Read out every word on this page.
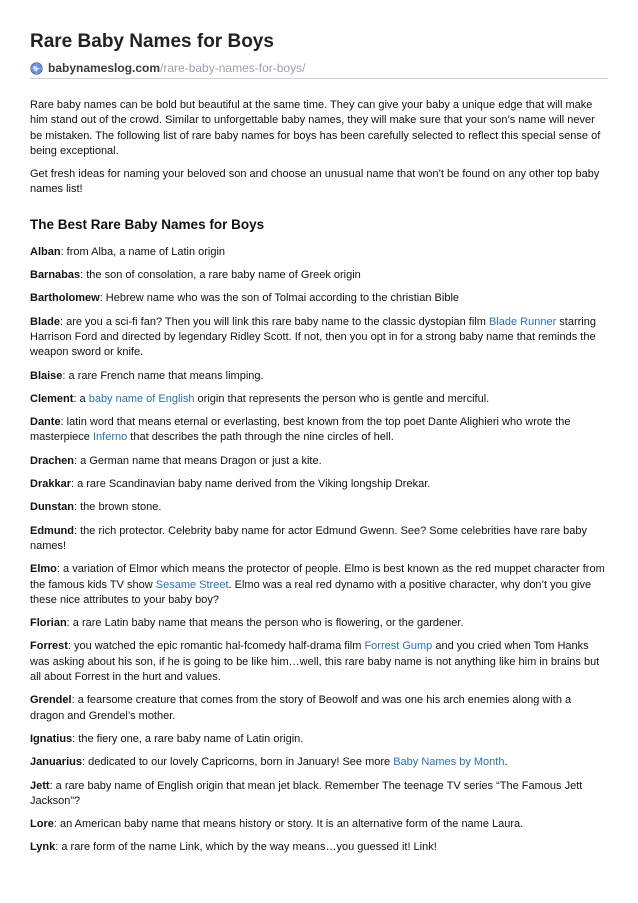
Rare Baby Names for Boys
babynameslog.com /rare-baby-names-for-boys/

Rare baby names can be bold but beautiful at the same time. They can give your baby a unique edge that will make him stand out of the crowd. Similar to unforgettable baby names, they will make sure that your son’s name will never be mistaken. The following list of rare baby names for boys has been carefully selected to reflect this special sense of being exceptional.

Get fresh ideas for naming your beloved son and choose an unusual name that won’t be found on any other top baby names list!

The Best Rare Baby Names for Boys

Alban: from Alba, a name of Latin origin

Barnabas: the son of consolation, a rare baby name of Greek origin

Bartholomew: Hebrew name who was the son of Tolmai according to the christian Bible

Blade: are you a sci-fi fan? Then you will link this rare baby name to the classic dystopian film Blade Runner starring Harrison Ford and directed by legendary Ridley Scott. If not, then you opt in for a strong baby name that reminds the weapon sword or knife.

Blaise: a rare French name that means limping.

Clement: a baby name of English origin that represents the person who is gentle and merciful.

Dante: latin word that means eternal or everlasting, best known from the top poet Dante Alighieri who wrote the masterpiece Inferno that describes the path through the nine circles of hell.

Drachen: a German name that means Dragon or just a kite.

Drakkar: a rare Scandinavian baby name derived from the Viking longship Drekar.

Dunstan: the brown stone.

Edmund: the rich protector. Celebrity baby name for actor Edmund Gwenn. See? Some celebrities have rare baby names!

Elmo: a variation of Elmor which means the protector of people. Elmo is best known as the red muppet character from the famous kids TV show Sesame Street. Elmo was a real red dynamo with a positive character, why don’t you give these nice attributes to your baby boy?

Florian: a rare Latin baby name that means the person who is flowering, or the gardener.

Forrest: you watched the epic romantic hal-fcomedy half-drama film Forrest Gump and you cried when Tom Hanks was asking about his son, if he is going to be like him…well, this rare baby name is not anything like him in brains but all about Forrest in the hurt and values.

Grendel: a fearsome creature that comes from the story of Beowolf and was one his arch enemies along with a dragon and Grendel’s mother.

Ignatius: the fiery one, a rare baby name of Latin origin.

Januarius: dedicated to our lovely Capricorns, born in January! See more Baby Names by Month.

Jett: a rare baby name of English origin that mean jet black. Remember The teenage TV series “The Famous Jett Jackson”?

Lore: an American baby name that means history or story. It is an alternative form of the name Laura.

Lynk: a rare form of the name Link, which by the way means…you guessed it! Link!
